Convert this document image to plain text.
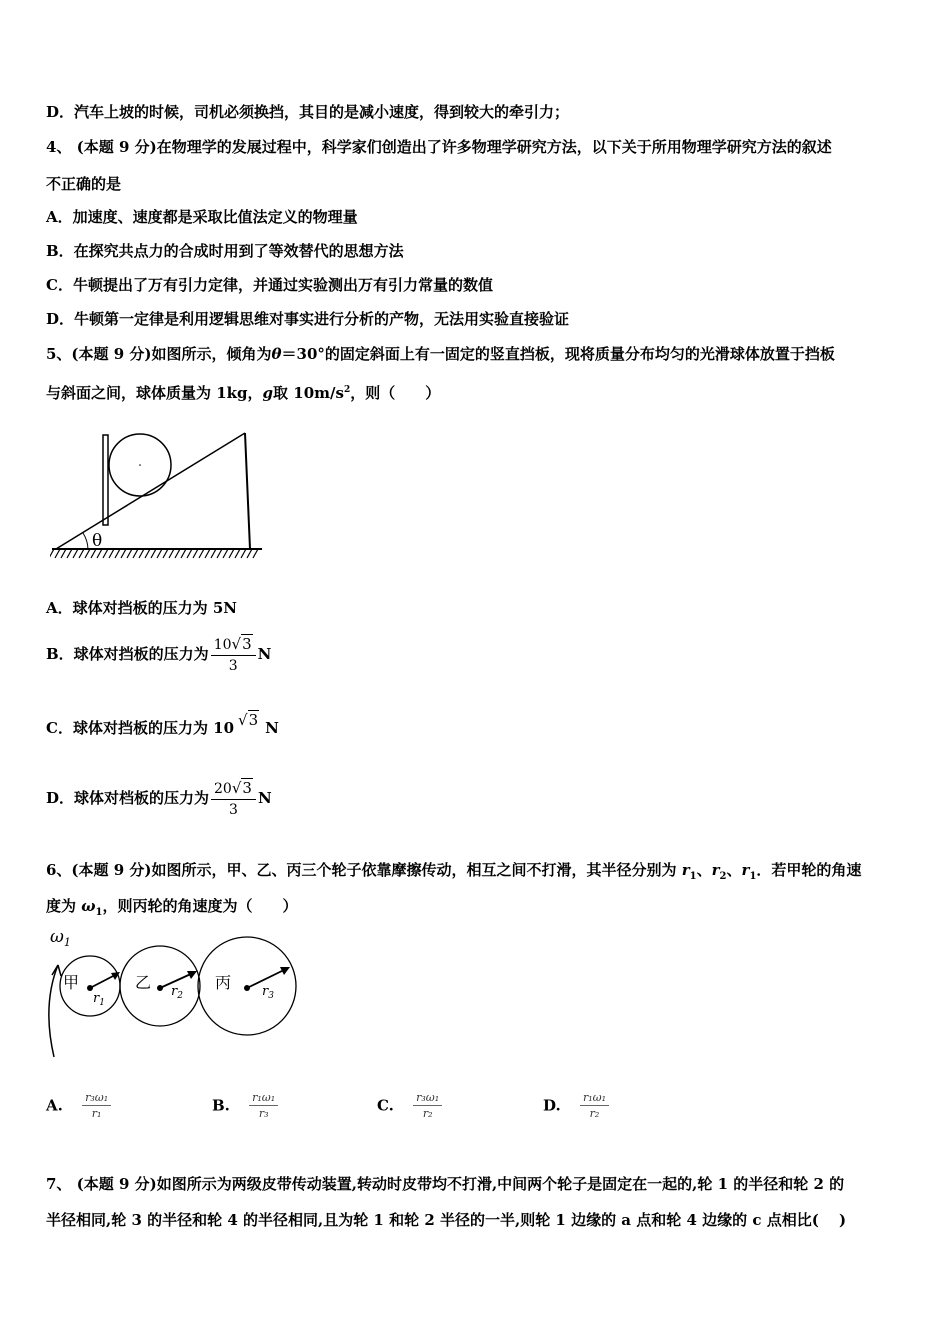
D．汽车上坡的时候，司机必须换挡，其目的是减小速度，得到较大的牵引力；
4、 (本题 9 分)在物理学的发展过程中，科学家们创造出了许多物理学研究方法，以下关于所用物理学研究方法的叙述
不正确的是
A．加速度、速度都是采取比值法定义的物理量
B．在探究共点力的合成时用到了等效替代的思想方法
C．牛顿提出了万有引力定律，并通过实验测出万有引力常量的数值
D．牛顿第一定律是利用逻辑思维对事实进行分析的产物，无法用实验直接验证
5、(本题 9 分)如图所示，倾角为θ＝30°的固定斜面上有一固定的竖直挡板，现将质量分布均匀的光滑球体放置于挡板
与斜面之间，球体质量为 1kg，g取 $10m/s^2$，则（　　）
θ
A．球体对挡板的压力为 5N
B．球体对挡板的压力为 $\frac{10√3}{3}$ N
C．球体对挡板的压力为 10 √3 N
D．球体对档板的压力为 $\frac{20√3}{3}$ N
6、(本题 9 分)如图所示，甲、乙、丙三个轮子依靠摩擦传动，相互之间不打滑，其半径分别为 $r_1$、$r_2$、$r_1$．若甲轮的角速
度为 $\omega_1$，则丙轮的角速度为（　　）
$\omega_1$
甲	乙	丙
$r_1$
$r_2$	$r_3$
A. $\frac{\text{r₃ω₁}}{\text{r₁}}$	B. $\frac{\text{r₁ω₁}}{\text{r₃}}$	C. $\frac{\text{r₃ω₁}}{\text{r₂}}$	D. $\frac{\text{r₁ω₁}}{\text{r₂}}$
7、 (本题 9 分)如图所示为两级皮带传动装置,转动时皮带均不打滑,中间两个轮子是固定在一起的,轮 1 的半径和轮 2 的
半径相同,轮 3 的半径和轮 4 的半径相同,且为轮 1 和轮 2 半径的一半,则轮 1 边缘的 a 点和轮 4 边缘的 c 点相比(　 )
